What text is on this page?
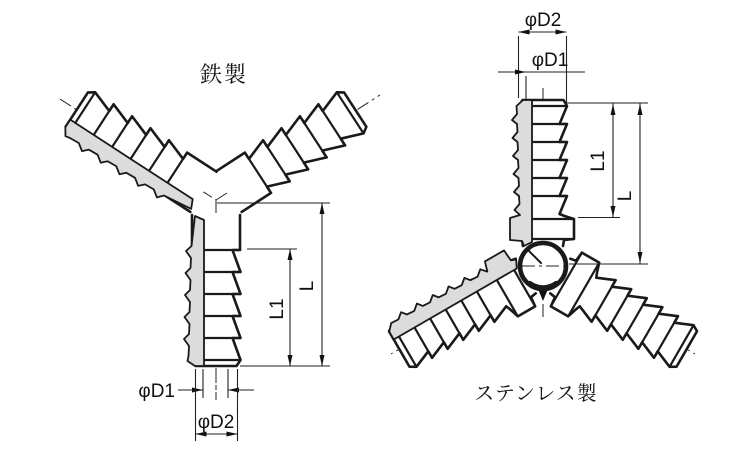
L
L1
φD1
φD2
鉄製
φD2
φD1
L1
L
ステンレス製
